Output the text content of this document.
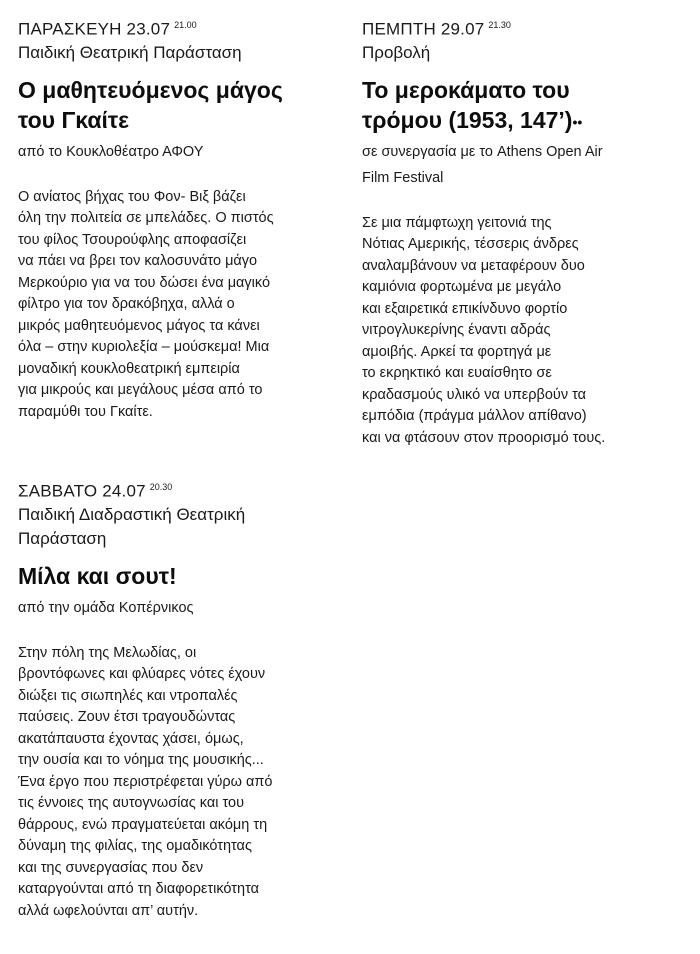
ΠΑΡΑΣΚΕΥΗ 23.07 $^{21.00}$
Παιδική Θεατρική Παράσταση
Ο μαθητευόμενος μάγος
του Γκαίτε
από το Κουκλοθέατρο ΑΦΟΥ
Ο ανίατος βήχας του Φον- Βιξ βάζει
όλη την πολιτεία σε μπελάδες. Ο πιστός
του φίλος Τσουρούφλης αποφασίζει
να πάει να βρει τον καλοσυνάτο μάγο
Μερκούριο για να του δώσει ένα μαγικό
φίλτρο για τον δρακόβηχα, αλλά ο
μικρός μαθητευόμενος μάγος τα κάνει
όλα – στην κυριολεξία – μούσκεμα! Μια
μοναδική κουκλοθεατρική εμπειρία
για μικρούς και μεγάλους μέσα από το
παραμύθι του Γκαίτε.
ΠΕΜΠΤΗ 29.07 $^{21.30}$
Προβολή
Το μεροκάματο του
τρόμου (1953, 147’)••
σε συνεργασία με το Athens Open Air
Film Festival
Σε μια πάμφτωχη γειτονιά της
Νότιας Αμερικής, τέσσερις άνδρες
αναλαμβάνουν να μεταφέρουν δυο
καμιόνια φορτωμένα με μεγάλο
και εξαιρετικά επικίνδυνο φορτίο
νιτρογλυκερίνης έναντι αδράς
αμοιβής. Αρκεί τα φορτηγά με
το εκρηκτικό και ευαίσθητο σε
κραδασμούς υλικό να υπερβούν τα
εμπόδια (πράγμα μάλλον απίθανο)
και να φτάσουν στον προορισμό τους.
ΣΑΒΒΑΤΟ 24.07 $^{20.30}$
Παιδική Διαδραστική Θεατρική
Παράσταση
Μίλα και σουτ!
από την ομάδα Κοπέρνικος
Στην πόλη της Μελωδίας, οι
βροντόφωνες και φλύαρες νότες έχουν
διώξει τις σιωπηλές και ντροπαλές
παύσεις. Ζουν έτσι τραγουδώντας
ακατάπαυστα έχοντας χάσει, όμως,
την ουσία και το νόημα της μουσικής...
Ένα έργο που περιστρέφεται γύρω από
τις έννοιες της αυτογνωσίας και του
θάρρους, ενώ πραγματεύεται ακόμη τη
δύναμη της φιλίας, της ομαδικότητας
και της συνεργασίας που δεν
καταργούνται από τη διαφορετικότητα
αλλά ωφελούνται απ’ αυτήν.
